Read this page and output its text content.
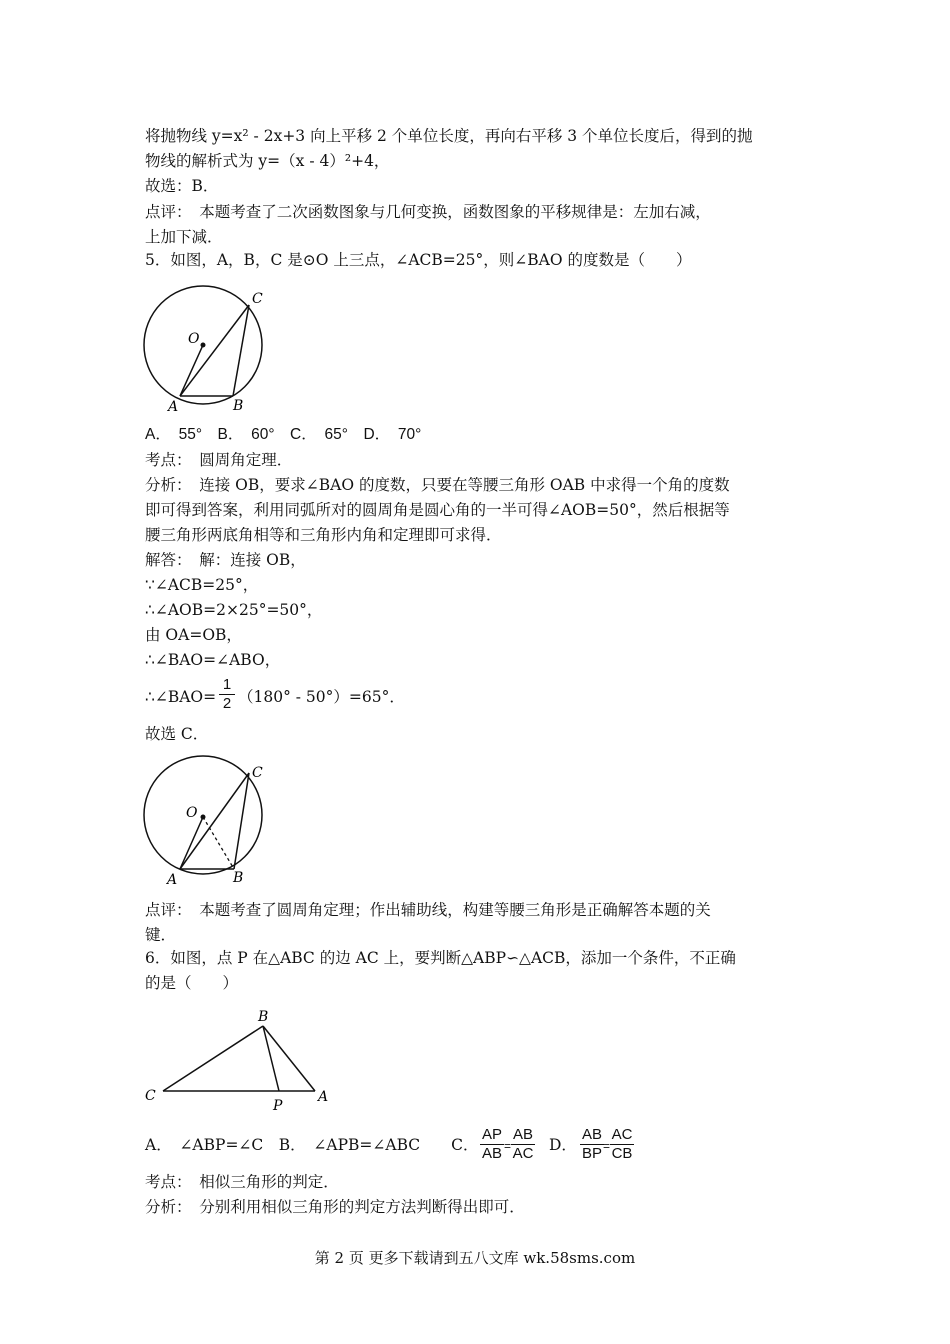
将抛物线 y=x² - 2x+3 向上平移 2 个单位长度，再向右平移 3 个单位长度后，得到的抛
物线的解析式为 y=（x - 4）²+4，
故选：B．
点评：　本题考查了二次函数图象与几何变换，函数图象的平移规律是：左加右减，
上加下减．
5．如图，A，B，C 是⊙O 上三点，∠ACB=25°，则∠BAO 的度数是（　　）
C
O
A	B
A．　55°　B．　60°　C．　65°　D．　70°
考点：　圆周角定理．
分析：　连接 OB，要求∠BAO 的度数，只要在等腰三角形 OAB 中求得一个角的度数
即可得到答案，利用同弧所对的圆周角是圆心角的一半可得∠AOB=50°，然后根据等
腰三角形两底角相等和三角形内角和定理即可求得．
解答：　解：连接 OB，
∵∠ACB=25°，
∴∠AOB=2×25°=50°，
由 OA=OB，
∴∠BAO=∠ABO，
∴∠BAO= $\frac{1}{2} (180^\circ - 50^\circ)=65^\circ$．
故选 C．
C
O
A	B
点评：　本题考查了圆周角定理；作出辅助线，构建等腰三角形是正确解答本题的关
键．
6．如图，点 P 在△ABC 的边 AC 上，要判断△ABP∽△ACB，添加一个条件，不正确
的是（　　）
B
C
P
A
A．　∠ABP=∠C　B．　∠APB=∠ABC　　C． $\frac{AP}{AB} = \frac{AB}{AC}$ D． $\frac{AB}{BP} = \frac{AC}{CB}$
考点：　相似三角形的判定．
分析：　分别利用相似三角形的判定方法判断得出即可．
第 2 页 更多下载请到五八文库 wk.58sms.com
